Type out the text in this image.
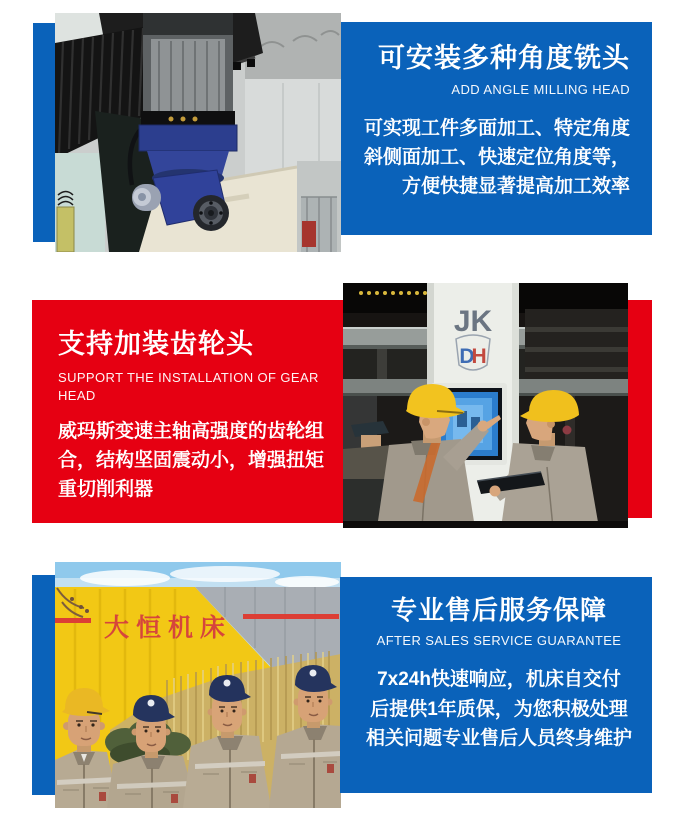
可安装多种角度铣头
ADD ANGLE MILLING HEAD

可实现工件多面加工、特定角度
斜侧面加工、快速定位角度等，
方便快捷显著提高加工效率

支持加装齿轮头
SUPPORT THE INSTALLATION OF GEAR HEAD

威玛斯变速主轴高强度的齿轮组
合，结构坚固震动小，增强扭矩
重切削利器

JK
DH
大恒机床
专业售后服务保障
AFTER SALES SERVICE GUARANTEE

7x24h快速响应，机床自交付
后提供1年质保，为您积极处理
相关问题专业售后人员终身维护
